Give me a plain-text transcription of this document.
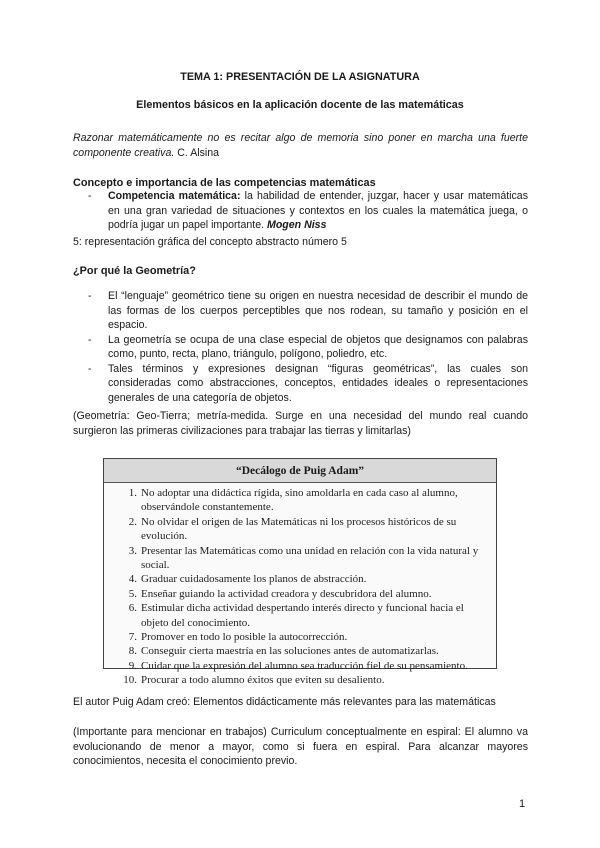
TEMA 1: PRESENTACIÓN DE LA ASIGNATURA
Elementos básicos en la aplicación docente de las matemáticas
Razonar matemáticamente no es recitar algo de memoria sino poner en marcha una fuerte componente creativa. C. Alsina
Concepto e importancia de las competencias matemáticas
- Competencia matemática: la habilidad de entender, juzgar, hacer y usar matemáticas en una gran variedad de situaciones y contextos en los cuales la matemática juega, o podría jugar un papel importante. Mogen Niss
5: representación gráfica del concepto abstracto número 5
¿Por qué la Geometría?
- El “lenguaje” geométrico tiene su origen en nuestra necesidad de describir el mundo de las formas de los cuerpos perceptibles que nos rodean, su tamaño y posición en el espacio.
- La geometría se ocupa de una clase especial de objetos que designamos con palabras como, punto, recta, plano, triángulo, polígono, poliedro, etc.
- Tales términos y expresiones designan “figuras geométricas”, las cuales son consideradas como abstracciones, conceptos, entidades ideales o representaciones generales de una categoría de objetos.
(Geometría: Geo-Tierra; metría-medida. Surge en una necesidad del mundo real cuando surgieron las primeras civilizaciones para trabajar las tierras y limitarlas)
“Decálogo de Puig Adam”
1. No adoptar una didáctica rígida, sino amoldarla en cada caso al alumno, observándole constantemente.
2. No olvidar el origen de las Matemáticas ni los procesos históricos de su evolución.
3. Presentar las Matemáticas como una unidad en relación con la vida natural y social.
4. Graduar cuidadosamente los planos de abstracción.
5. Enseñar guiando la actividad creadora y descubridora del alumno.
6. Estimular dicha actividad despertando interés directo y funcional hacia el objeto del conocimiento.
7. Promover en todo lo posible la autocorrección.
8. Conseguir cierta maestría en las soluciones antes de automatizarlas.
9. Cuidar que la expresión del alumno sea traducción fiel de su pensamiento.
10. Procurar a todo alumno éxitos que eviten su desaliento.
El autor Puig Adam creó: Elementos didácticamente más relevantes para las matemáticas
(Importante para mencionar en trabajos) Curriculum conceptualmente en espiral: El alumno va evolucionando de menor a mayor, como si fuera en espiral. Para alcanzar mayores conocimientos, necesita el conocimiento previo.
1
